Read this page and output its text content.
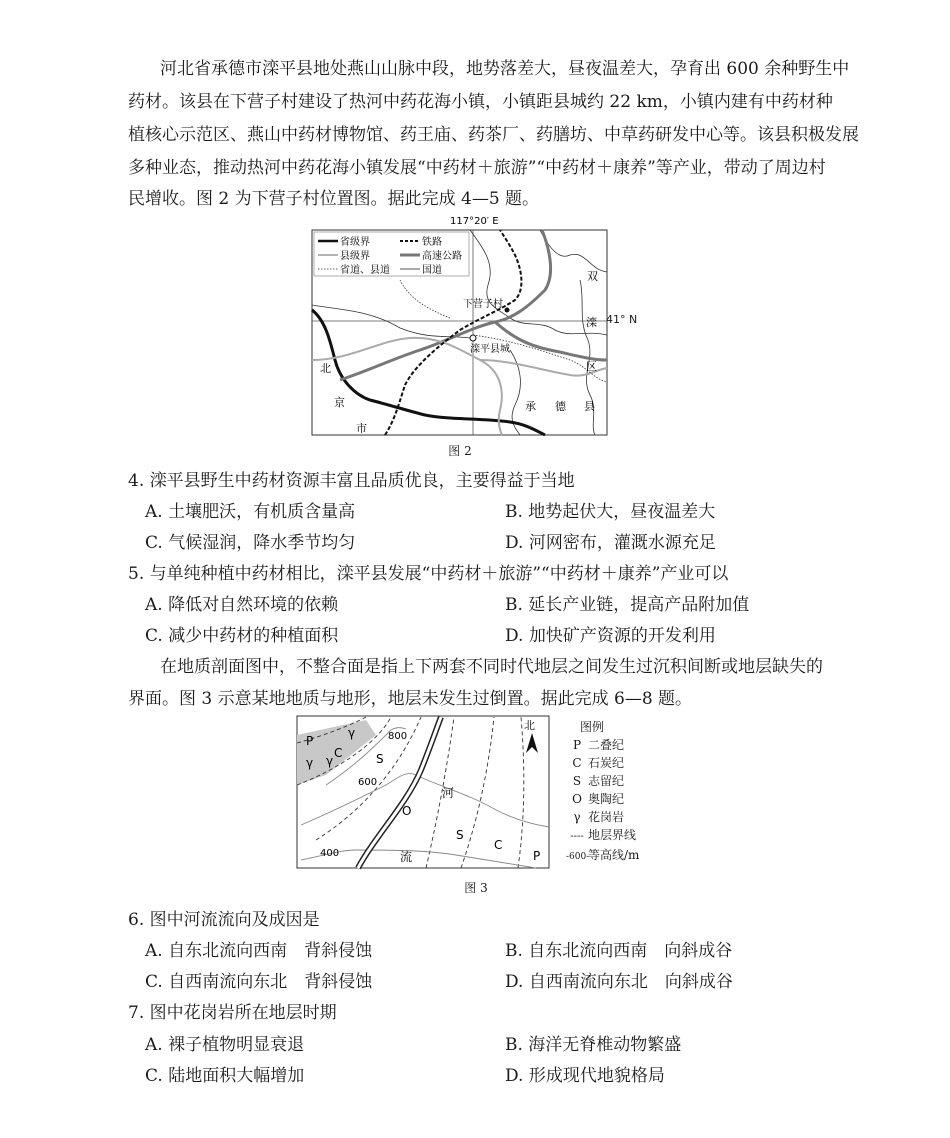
河北省承德市滦平县地处燕山山脉中段，地势落差大，昼夜温差大，孕育出 600 余种野生中
药材。该县在下营子村建设了热河中药花海小镇，小镇距县城约 22 km，小镇内建有中药材种
植核心示范区、燕山中药材博物馆、药王庙、药茶厂、药膳坊、中草药研发中心等。该县积极发展
多种业态，推动热河中药花海小镇发展“中药材＋旅游”“中药材＋康养”等产业，带动了周边村
民增收。图 2 为下营子村位置图。据此完成 4—5 题。
117°20′ E
省级界	铁路
县级界	高速公路
省道、县道	国道
下营子村
滦平县城
北
京
市
承 德 县
双
滦
区
41° N
图 2
4. 滦平县野生中药材资源丰富且品质优良，主要得益于当地
A. 土壤肥沃，有机质含量高	B. 地势起伏大，昼夜温差大
C. 气候湿润，降水季节均匀	D. 河网密布，灌溉水源充足
5. 与单纯种植中药材相比，滦平县发展“中药材＋旅游”“中药材＋康养”产业可以
A. 降低对自然环境的依赖	B. 延长产业链，提高产品附加值
C. 减少中药材的种植面积	D. 加快矿产资源的开发利用
在地质剖面图中，不整合面是指上下两套不同时代地层之间发生过沉积间断或地层缺失的
界面。图 3 示意某地地质与地形，地层未发生过倒置。据此完成 6—8 题。
P
γ
C
γ
γ
S
800
600
400
O
河
流
S
C
P
北	图例
P 二叠纪
C 石炭纪
S 志留纪
O 奥陶纪
γ 花岗岩
---- 地层界线
-600-等高线/m
图 3
6. 图中河流流向及成因是
A. 自东北流向西南　背斜侵蚀	B. 自东北流向西南　向斜成谷
C. 自西南流向东北　背斜侵蚀	D. 自西南流向东北　向斜成谷
7. 图中花岗岩所在地层时期
A. 裸子植物明显衰退	B. 海洋无脊椎动物繁盛
C. 陆地面积大幅增加	D. 形成现代地貌格局
